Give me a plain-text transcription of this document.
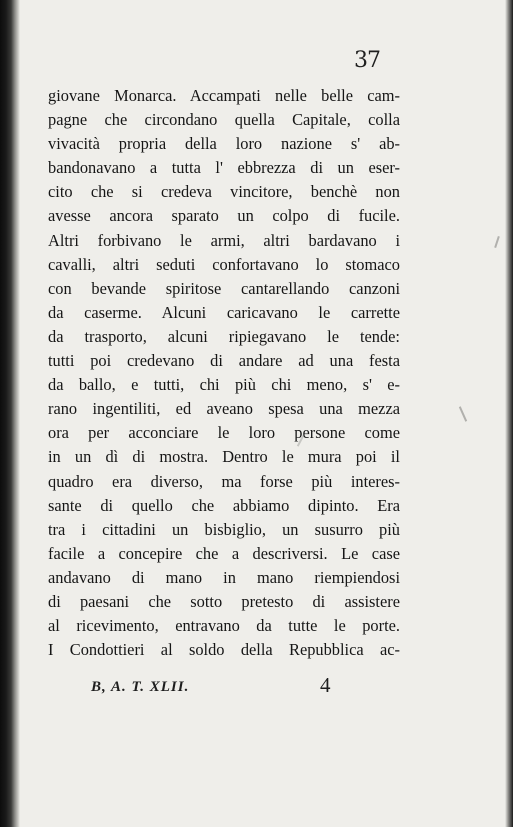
37
giovane Monarca. Accampati nelle belle cam-
pagne che circondano quella Capitale, colla
vivacità propria della loro nazione s' ab-
bandonavano a tutta l' ebbrezza di un eser-
cito che si credeva vincitore, benchè non
avesse ancora sparato un colpo di fucile.
Altri forbivano le armi, altri bardavano i
cavalli, altri seduti confortavano lo stomaco
con bevande spiritose cantarellando canzoni
da caserme. Alcuni caricavano le carrette
da trasporto, alcuni ripiegavano le tende:
tutti poi credevano di andare ad una festa
da ballo, e tutti, chi più chi meno, s' e-
rano ingentiliti, ed aveano spesa una mezza
ora per acconciare le loro persone come
in un dì di mostra. Dentro le mura poi il
quadro era diverso, ma forse più interes-
sante di quello che abbiamo dipinto. Era
tra i cittadini un bisbiglio, un susurro più
facile a concepire che a descriversi. Le case
andavano di mano in mano riempiendosi
di paesani che sotto pretesto di assistere
al ricevimento, entravano da tutte le porte.
I Condottieri al soldo della Repubblica ac-
B, A. T. XLII.	4
